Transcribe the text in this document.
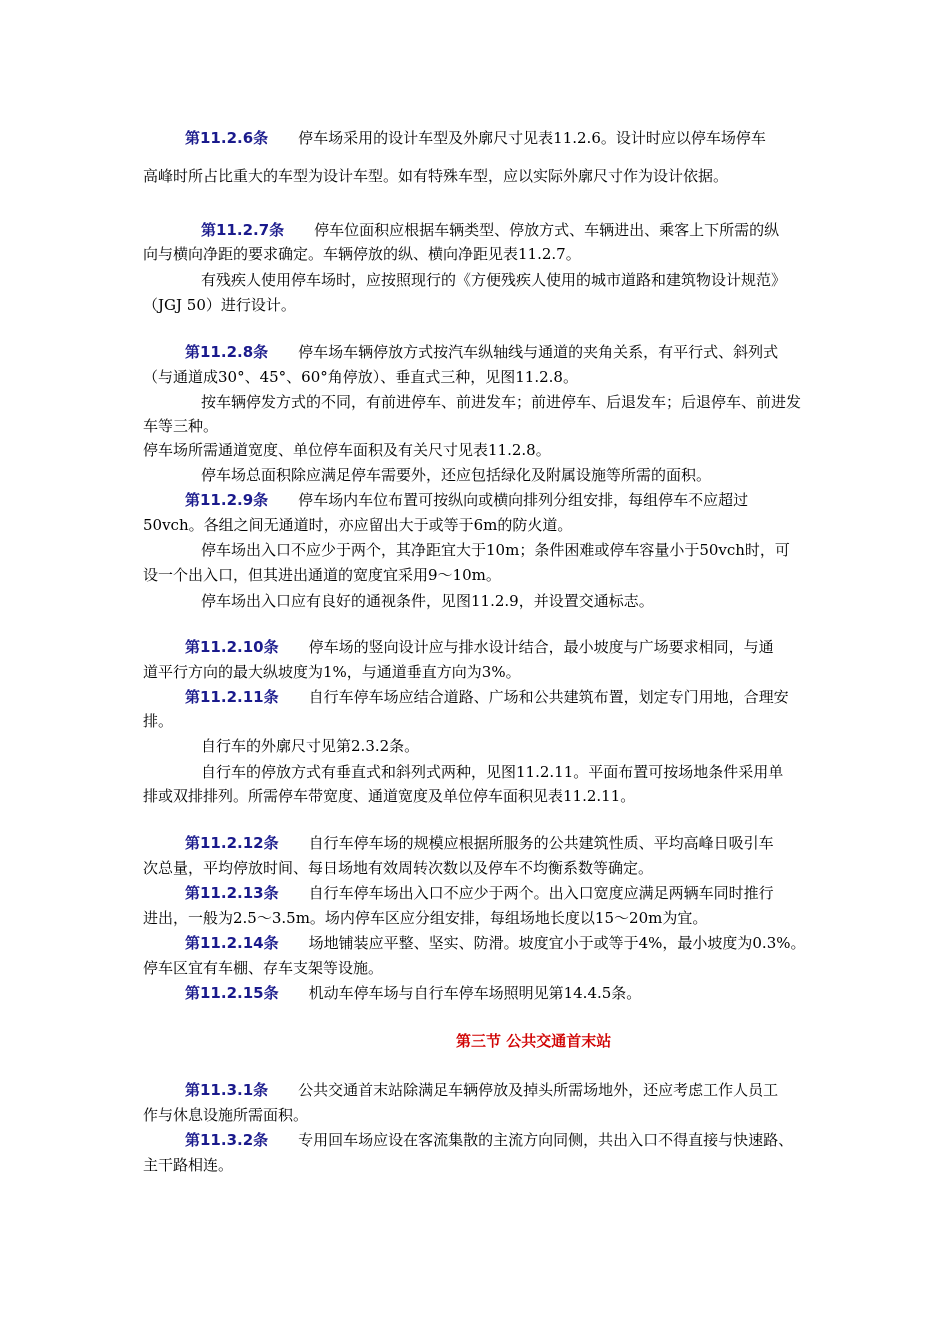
第11.2.6条 停车场采用的设计车型及外廓尺寸见表11.2.6。设计时应以停车场停车
高峰时所占比重大的车型为设计车型。如有特殊车型，应以实际外廓尺寸作为设计依据。
第11.2.7条 停车位面积应根据车辆类型、停放方式、车辆进出、乘客上下所需的纵
向与横向净距的要求确定。车辆停放的纵、横向净距见表11.2.7。
有残疾人使用停车场时，应按照现行的《方便残疾人使用的城市道路和建筑物设计规范》
（JGJ 50）进行设计。
第11.2.8条 停车场车辆停放方式按汽车纵轴线与通道的夹角关系，有平行式、斜列式
（与通道成30°、45°、60°角停放）、垂直式三种，见图11.2.8。
按车辆停发方式的不同，有前进停车、前进发车；前进停车、后退发车；后退停车、前进发
车等三种。
停车场所需通道宽度、单位停车面积及有关尺寸见表11.2.8。
停车场总面积除应满足停车需要外，还应包括绿化及附属设施等所需的面积。
第11.2.9条 停车场内车位布置可按纵向或横向排列分组安排，每组停车不应超过
50vch。各组之间无通道时，亦应留出大于或等于6m的防火道。
停车场出入口不应少于两个，其净距宜大于10m；条件困难或停车容量小于50vch时，可
设一个出入口，但其进出通道的宽度宜采用9～10m。
停车场出入口应有良好的通视条件，见图11.2.9，并设置交通标志。
第11.2.10条 停车场的竖向设计应与排水设计结合，最小坡度与广场要求相同，与通
道平行方向的最大纵坡度为1%，与通道垂直方向为3%。
第11.2.11条 自行车停车场应结合道路、广场和公共建筑布置，划定专门用地，合理安
排。
自行车的外廓尺寸见第2.3.2条。
自行车的停放方式有垂直式和斜列式两种，见图11.2.11。平面布置可按场地条件采用单
排或双排排列。所需停车带宽度、通道宽度及单位停车面积见表11.2.11。
第11.2.12条 自行车停车场的规模应根据所服务的公共建筑性质、平均高峰日吸引车
次总量，平均停放时间、每日场地有效周转次数以及停车不均衡系数等确定。
第11.2.13条 自行车停车场出入口不应少于两个。出入口宽度应满足两辆车同时推行
进出，一般为2.5～3.5m。场内停车区应分组安排，每组场地长度以15～20m为宜。
第11.2.14条 场地铺装应平整、坚实、防滑。坡度宜小于或等于4%，最小坡度为0.3%。
停车区宜有车棚、存车支架等设施。
第11.2.15条 机动车停车场与自行车停车场照明见第14.4.5条。
第三节 公共交通首末站
第11.3.1条 公共交通首末站除满足车辆停放及掉头所需场地外，还应考虑工作人员工
作与休息设施所需面积。
第11.3.2条 专用回车场应设在客流集散的主流方向同侧，共出入口不得直接与快速路、
主干路相连。
